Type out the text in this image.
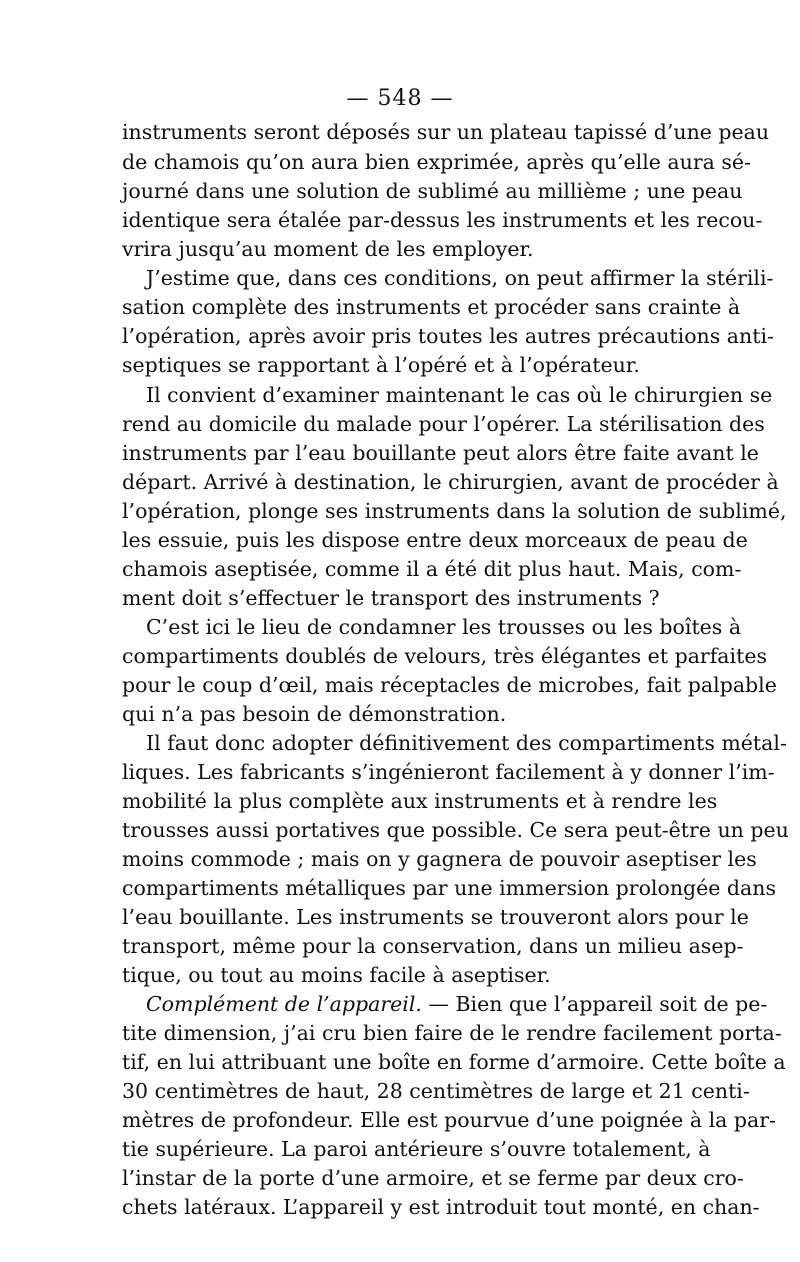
— 548 —
instruments seront déposés sur un plateau tapissé d’une peau
de chamois qu’on aura bien exprimée, après qu’elle aura sé-
journé dans une solution de sublimé au millième ; une peau
identique sera étalée par-dessus les instruments et les recou-
vrira jusqu’au moment de les employer.
J’estime que, dans ces conditions, on peut affirmer la stérili-
sation complète des instruments et procéder sans crainte à
l’opération, après avoir pris toutes les autres précautions anti-
septiques se rapportant à l’opéré et à l’opérateur.
Il convient d’examiner maintenant le cas où le chirurgien se
rend au domicile du malade pour l’opérer. La stérilisation des
instruments par l’eau bouillante peut alors être faite avant le
départ. Arrivé à destination, le chirurgien, avant de procéder à
l’opération, plonge ses instruments dans la solution de sublimé,
les essuie, puis les dispose entre deux morceaux de peau de
chamois aseptisée, comme il a été dit plus haut. Mais, com-
ment doit s’effectuer le transport des instruments ?
C’est ici le lieu de condamner les trousses ou les boîtes à
compartiments doublés de velours, très élégantes et parfaites
pour le coup d’œil, mais réceptacles de microbes, fait palpable
qui n’a pas besoin de démonstration.
Il faut donc adopter définitivement des compartiments métal-
liques. Les fabricants s’ingénieront facilement à y donner l’im-
mobilité la plus complète aux instruments et à rendre les
trousses aussi portatives que possible. Ce sera peut-être un peu
moins commode ; mais on y gagnera de pouvoir aseptiser les
compartiments métalliques par une immersion prolongée dans
l’eau bouillante. Les instruments se trouveront alors pour le
transport, même pour la conservation, dans un milieu asep-
tique, ou tout au moins facile à aseptiser.
Complément de l’appareil. — Bien que l’appareil soit de pe-
tite dimension, j’ai cru bien faire de le rendre facilement porta-
tif, en lui attribuant une boîte en forme d’armoire. Cette boîte a
30 centimètres de haut, 28 centimètres de large et 21 centi-
mètres de profondeur. Elle est pourvue d’une poignée à la par-
tie supérieure. La paroi antérieure s’ouvre totalement, à
l’instar de la porte d’une armoire, et se ferme par deux cro-
chets latéraux. L’appareil y est introduit tout monté, en chan-
